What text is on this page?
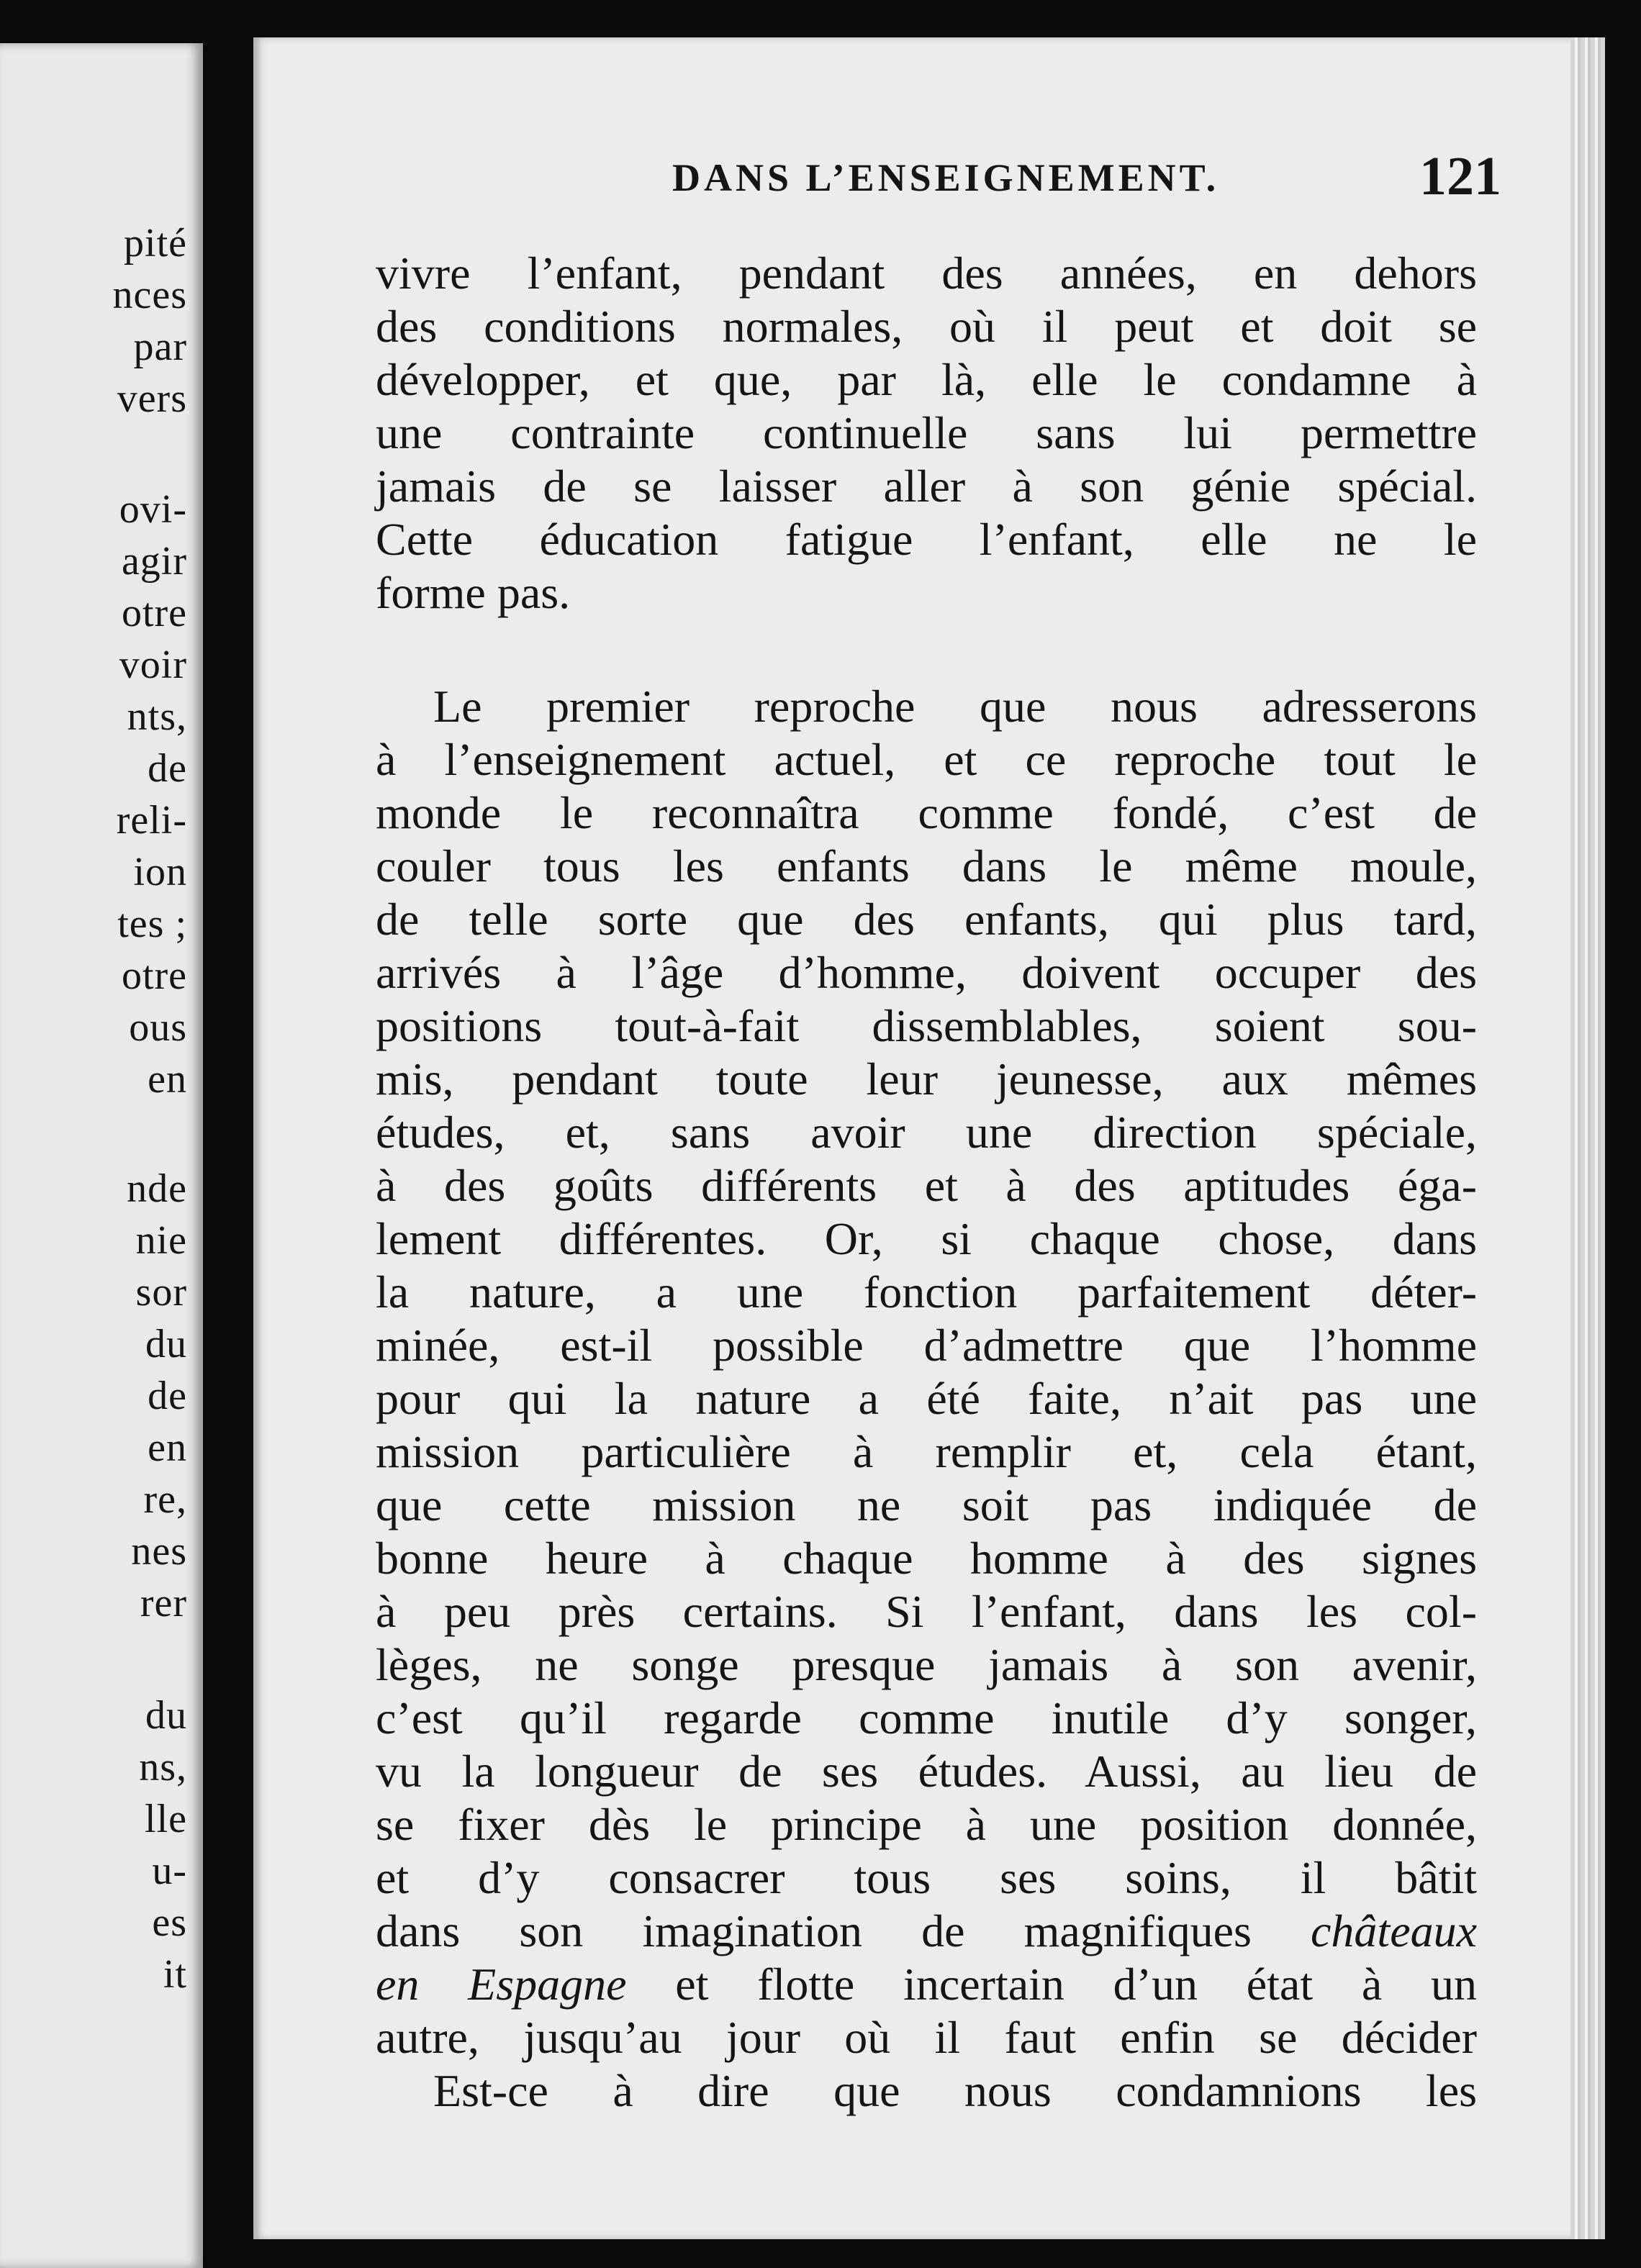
pité
nces
par
vers
ovi-
agir
otre
voir
nts,
de
reli-
ion
tes ;
otre
ous
en
nde
nie
sor
du
de
en
re,
nes
rer
du
ns,
lle
u-
es
it
DANS L’ENSEIGNEMENT.	121
vivre l’enfant, pendant des années, en dehors
des conditions normales, où il peut et doit se
développer, et que, par là, elle le condamne à
une contrainte continuelle sans lui permettre
jamais de se laisser aller à son génie spécial.
Cette éducation fatigue l’enfant, elle ne le
forme pas.
Le premier reproche que nous adresserons
à l’enseignement actuel, et ce reproche tout le
monde le reconnaîtra comme fondé, c’est de
couler tous les enfants dans le même moule,
de telle sorte que des enfants, qui plus tard,
arrivés à l’âge d’homme, doivent occuper des
positions tout-à-fait dissemblables, soient sou-
mis, pendant toute leur jeunesse, aux mêmes
études, et, sans avoir une direction spéciale,
à des goûts différents et à des aptitudes éga-
lement différentes. Or, si chaque chose, dans
la nature, a une fonction parfaitement déter-
minée, est-il possible d’admettre que l’homme
pour qui la nature a été faite, n’ait pas une
mission particulière à remplir et, cela étant,
que cette mission ne soit pas indiquée de
bonne heure à chaque homme à des signes
à peu près certains. Si l’enfant, dans les col-
lèges, ne songe presque jamais à son avenir,
c’est qu’il regarde comme inutile d’y songer,
vu la longueur de ses études. Aussi, au lieu de
se fixer dès le principe à une position donnée,
et d’y consacrer tous ses soins, il bâtit
dans son imagination de magnifiques châteaux
en Espagne et flotte incertain d’un état à un
autre, jusqu’au jour où il faut enfin se décider
Est-ce à dire que nous condamnions les
